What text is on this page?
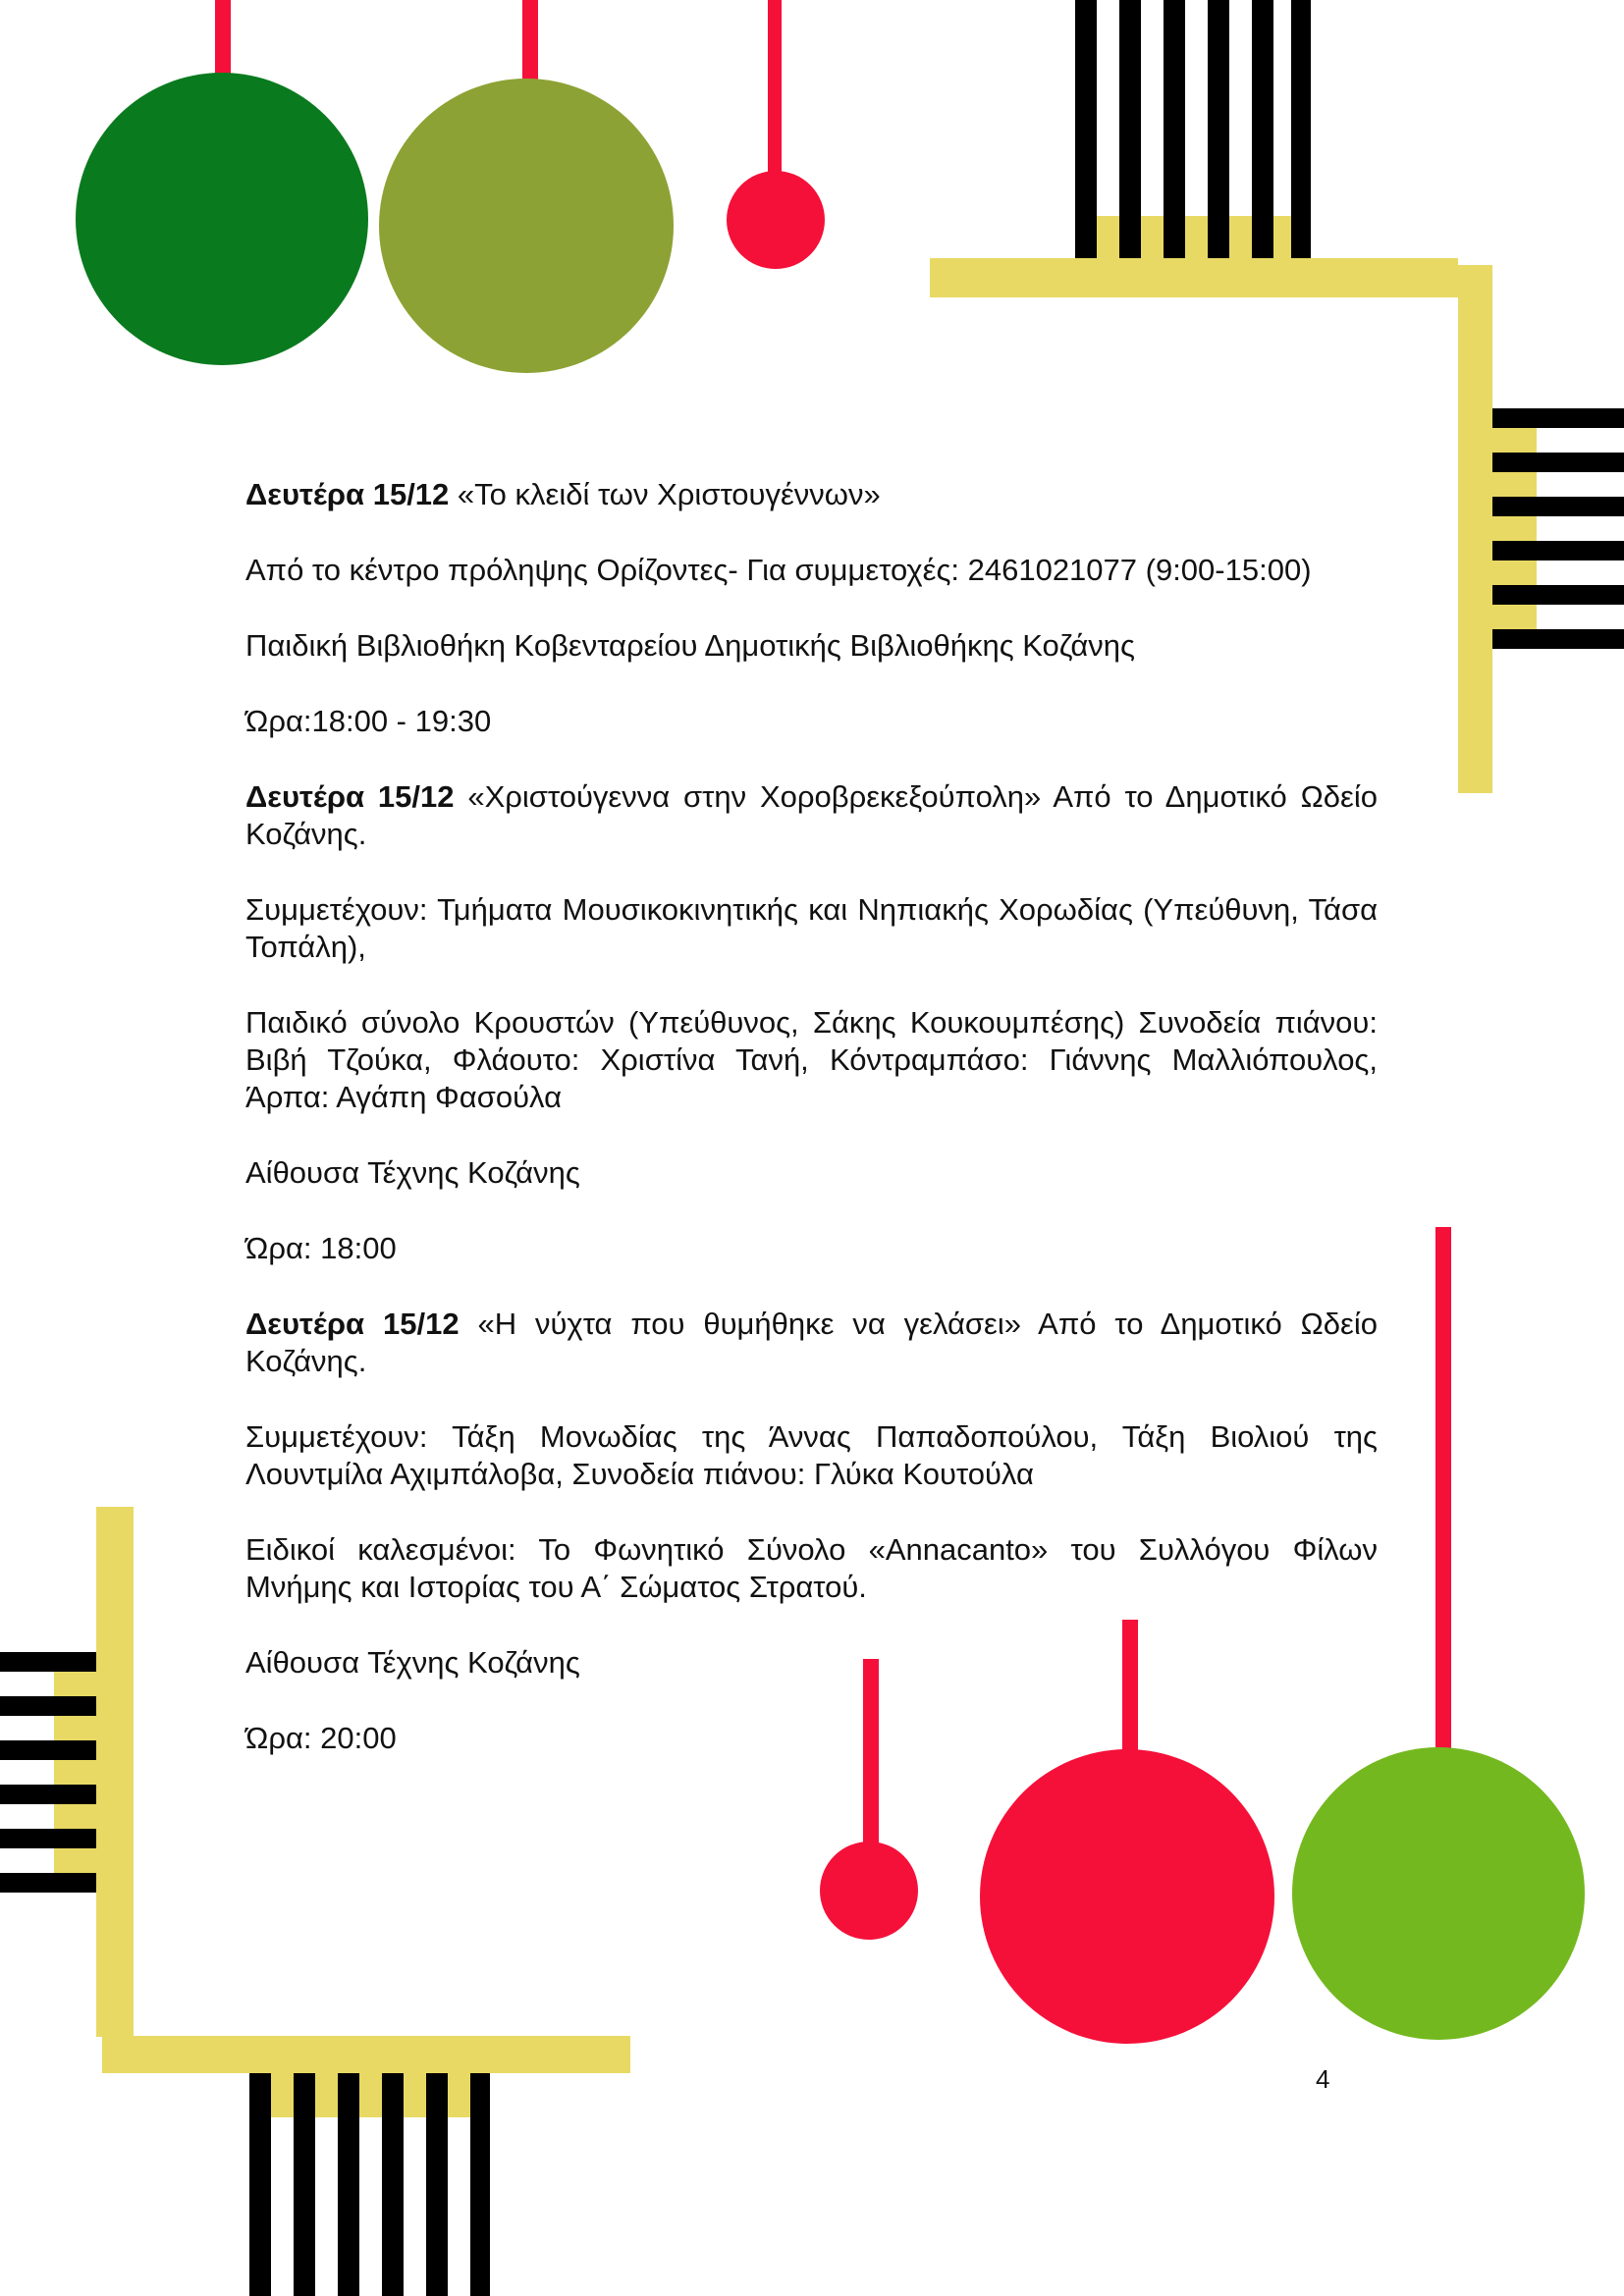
Δευτέρα 15/12 «Το κλειδί των Χριστουγέννων»

Από το κέντρο πρόληψης Ορίζοντες- Για συμμετοχές: 2461021077 (9:00-15:00)

Παιδική Βιβλιοθήκη Κοβενταρείου Δημοτικής Βιβλιοθήκης Κοζάνης

Ώρα:18:00 - 19:30

Δευτέρα 15/12 «Χριστούγεννα στην Χοροβρεκεξούπολη» Από το Δημοτικό Ωδείο Κοζάνης.

Συμμετέχουν: Τμήματα Μουσικοκινητικής και Νηπιακής Χορωδίας (Υπεύθυνη, Τάσα Τοπάλη),

Παιδικό σύνολο Κρουστών (Υπεύθυνος, Σάκης Κουκουμπέσης) Συνοδεία πιάνου: Βιβή Τζούκα, Φλάουτο: Χριστίνα Τανή, Κόντραμπάσο: Γιάννης Μαλλιόπουλος, Άρπα: Αγάπη Φασούλα

Αίθουσα Τέχνης Κοζάνης

Ώρα: 18:00

Δευτέρα 15/12 «Η νύχτα που θυμήθηκε να γελάσει» Από το Δημοτικό Ωδείο Κοζάνης.

Συμμετέχουν: Τάξη Μονωδίας της Άννας Παπαδοπούλου, Τάξη Βιολιού της Λουντμίλα Αχιμπάλοβα, Συνοδεία πιάνου: Γλύκα Κουτούλα

Ειδικοί καλεσμένοι: Το Φωνητικό Σύνολο «Annacanto» του Συλλόγου Φίλων Μνήμης και Ιστορίας του Α΄ Σώματος Στρατού.

Αίθουσα Τέχνης Κοζάνης

Ώρα: 20:00

4
